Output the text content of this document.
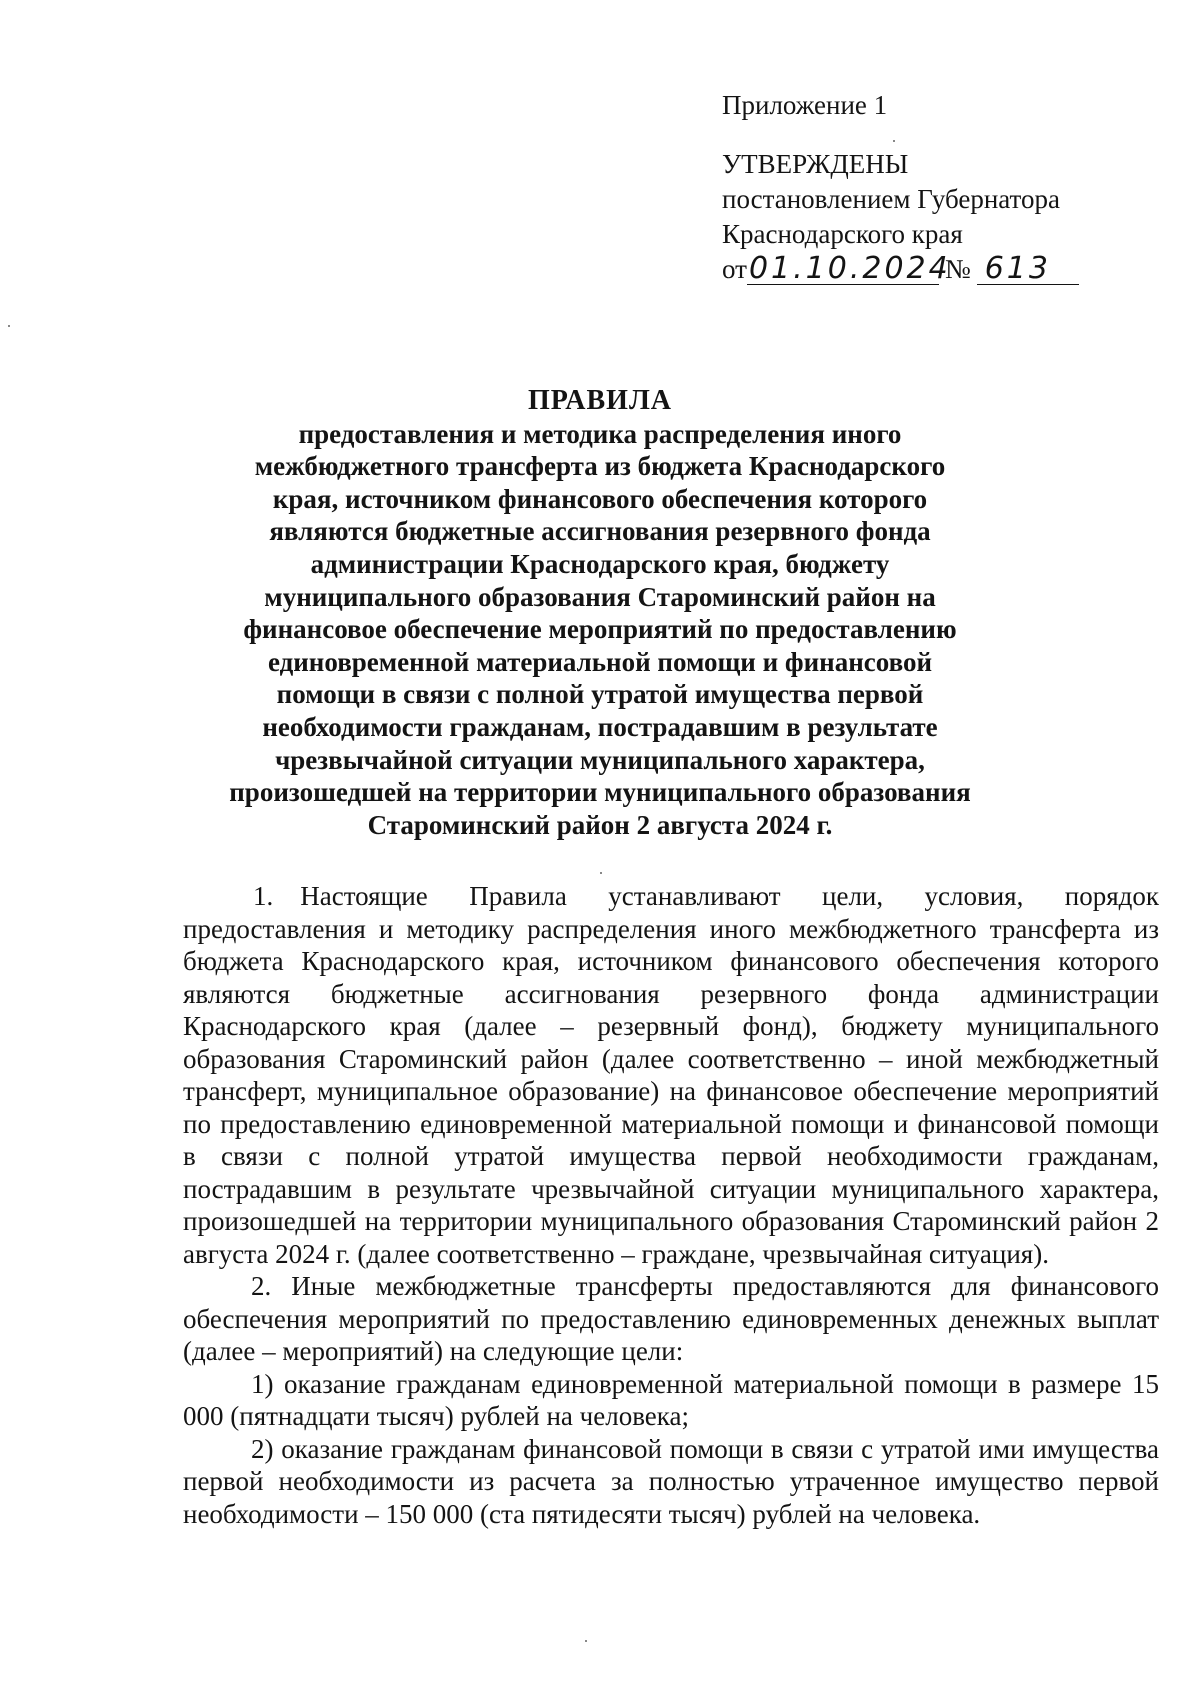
Приложение 1
УТВЕРЖДЕНЫ
постановлением Губернатора
Краснодарского края
от01.10.2024№ 613
ПРАВИЛА
предоставления и методика распределения иного
межбюджетного трансферта из бюджета Краснодарского
края, источником финансового обеспечения которого
являются бюджетные ассигнования резервного фонда
администрации Краснодарского края, бюджету
муниципального образования Староминский район на
финансовое обеспечение мероприятий по предоставлению
единовременной материальной помощи и финансовой
помощи в связи с полной утратой имущества первой
необходимости гражданам, пострадавшим в результате
чрезвычайной ситуации муниципального характера,
произошедшей на территории муниципального образования
Староминский район 2 августа 2024 г.

1. Настоящие Правила устанавливают цели, условия, порядок предоставления и методику распределения иного межбюджетного трансферта из бюджета Краснодарского края, источником финансового обеспечения которого являются бюджетные ассигнования резервного фонда администрации Краснодарского края (далее – резервный фонд), бюджету муниципального образования Староминский район (далее соответственно – иной межбюджетный трансферт, муниципальное образование) на финансовое обеспечение мероприятий по предоставлению единовременной материальной помощи и финансовой помощи в связи с полной утратой имущества первой необходимости гражданам, пострадавшим в результате чрезвычайной ситуации муниципального характера, произошедшей на территории муниципального образования Староминский район 2 августа 2024 г. (далее соответственно – граждане, чрезвычайная ситуация).

2. Иные межбюджетные трансферты предоставляются для финансового обеспечения мероприятий по предоставлению единовременных денежных выплат (далее – мероприятий) на следующие цели:

1) оказание гражданам единовременной материальной помощи в размере 15 000 (пятнадцати тысяч) рублей на человека;

2) оказание гражданам финансовой помощи в связи с утратой ими имущества первой необходимости из расчета за полностью утраченное имущество первой необходимости – 150 000 (ста пятидесяти тысяч) рублей на человека.
